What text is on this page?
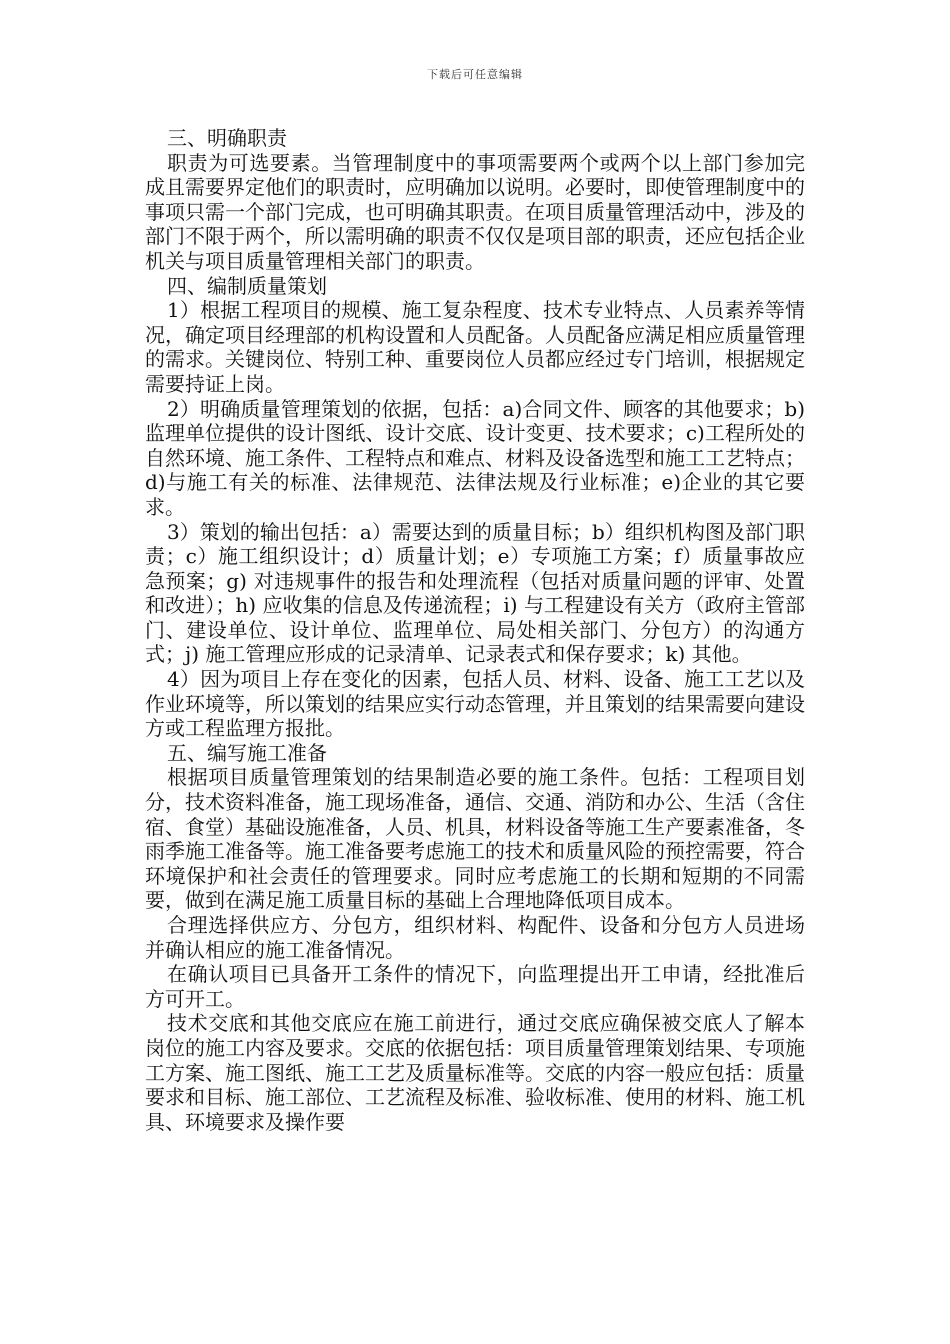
下载后可任意编辑

三、明确职责

职责为可选要素。当管理制度中的事项需要两个或两个以上部门参加完成且需要界定他们的职责时，应明确加以说明。必要时，即使管理制度中的事项只需一个部门完成，也可明确其职责。在项目质量管理活动中，涉及的部门不限于两个，所以需明确的职责不仅仅是项目部的职责，还应包括企业机关与项目质量管理相关部门的职责。

四、编制质量策划

1）根据工程项目的规模、施工复杂程度、技术专业特点、人员素养等情况，确定项目经理部的机构设置和人员配备。人员配备应满足相应质量管理的需求。关键岗位、特别工种、重要岗位人员都应经过专门培训，根据规定需要持证上岗。

2）明确质量管理策划的依据，包括：a)合同文件、顾客的其他要求；b)监理单位提供的设计图纸、设计交底、设计变更、技术要求；c)工程所处的自然环境、施工条件、工程特点和难点、材料及设备选型和施工工艺特点；d)与施工有关的标准、法律规范、法律法规及行业标准；e)企业的其它要求。

3）策划的输出包括：a）需要达到的质量目标；b）组织机构图及部门职责；c）施工组织设计；d）质量计划；e）专项施工方案；f）质量事故应急预案；g) 对违规事件的报告和处理流程（包括对质量问题的评审、处置和改进）；h) 应收集的信息及传递流程；i) 与工程建设有关方（政府主管部门、建设单位、设计单位、监理单位、局处相关部门、分包方）的沟通方式；j) 施工管理应形成的记录清单、记录表式和保存要求；k) 其他。

4）因为项目上存在变化的因素，包括人员、材料、设备、施工工艺以及作业环境等，所以策划的结果应实行动态管理，并且策划的结果需要向建设方或工程监理方报批。

五、编写施工准备

根据项目质量管理策划的结果制造必要的施工条件。包括：工程项目划分，技术资料准备，施工现场准备，通信、交通、消防和办公、生活（含住宿、食堂）基础设施准备，人员、机具，材料设备等施工生产要素准备，冬雨季施工准备等。施工准备要考虑施工的技术和质量风险的预控需要，符合环境保护和社会责任的管理要求。同时应考虑施工的长期和短期的不同需要，做到在满足施工质量目标的基础上合理地降低项目成本。

合理选择供应方、分包方，组织材料、构配件、设备和分包方人员进场并确认相应的施工准备情况。

在确认项目已具备开工条件的情况下，向监理提出开工申请，经批准后方可开工。

技术交底和其他交底应在施工前进行，通过交底应确保被交底人了解本岗位的施工内容及要求。交底的依据包括：项目质量管理策划结果、专项施工方案、施工图纸、施工工艺及质量标准等。交底的内容一般应包括：质量要求和目标、施工部位、工艺流程及标准、验收标准、使用的材料、施工机具、环境要求及操作要
